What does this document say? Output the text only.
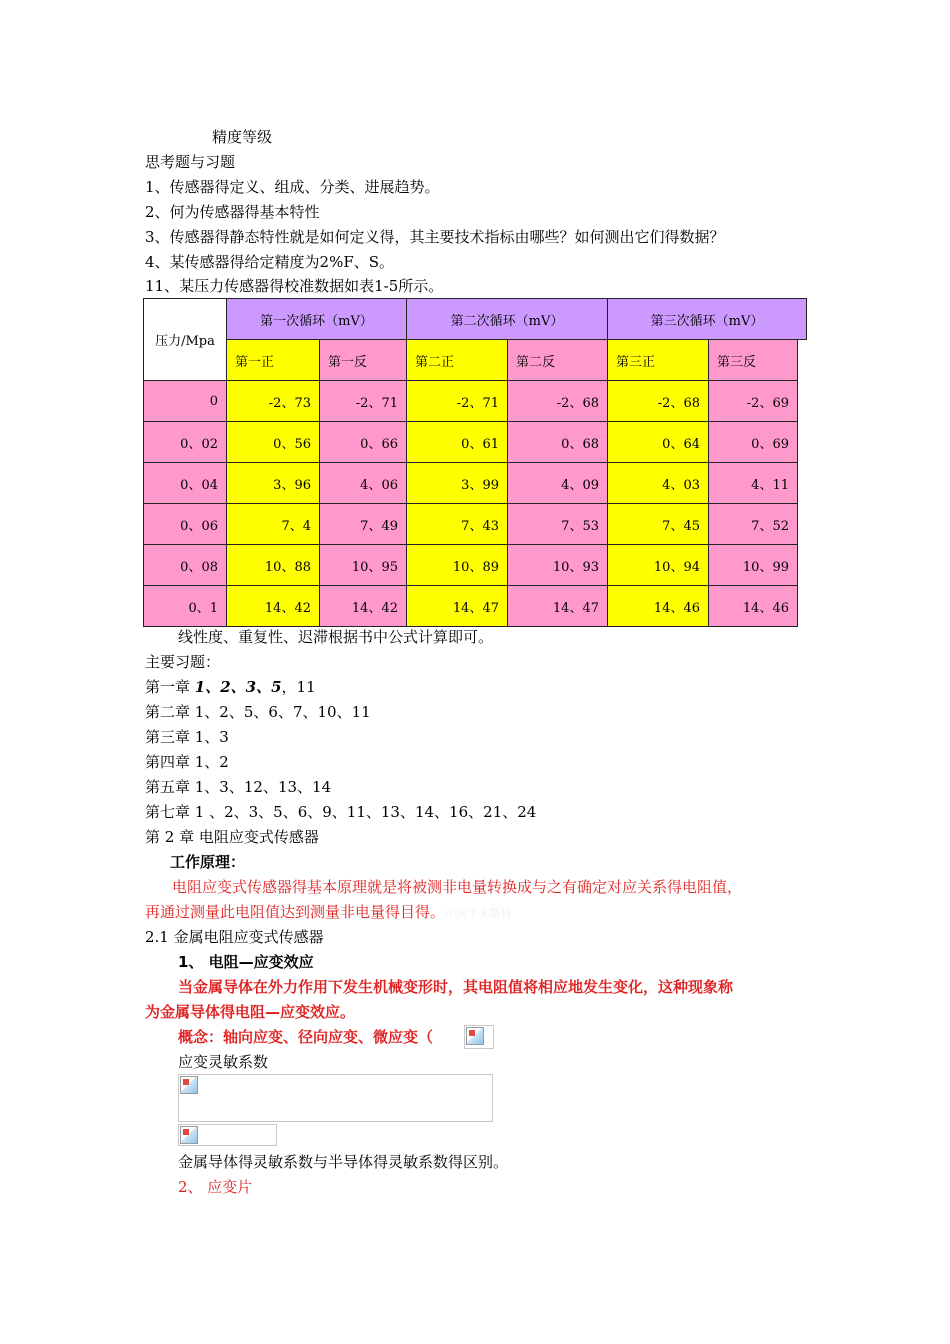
精度等级
思考题与习题
1、传感器得定义、组成、分类、进展趋势。
2、何为传感器得基本特性
3、传感器得静态特性就是如何定义得，其主要技术指标由哪些？如何测出它们得数据？
4、某传感器得给定精度为2%F、S。
11、某压力传感器得校准数据如表1-5所示。
压力/Mpa
第一次循环（mV）	第二次循环（mV）	第三次循环（mV）
第一正	第一反	第二正	第二反	第三正	第三反
0	-2、73	-2、71	-2、71	-2、68	-2、68	-2、69
0、02	0、56	0、66	0、61	0、68	0、64	0、69
0、04	3、96	4、06	3、99	4、09	4、03	4、11
0、06	7、4	7、49	7、43	7、53	7、45	7、52
0、08	10、88	10、95	10、89	10、93	10、94	10、99
0、1	14、42	14、42	14、47	14、47	14、46	14、46
线性度、重复性、迟滞根据书中公式计算即可。
主要习题：
第一章 1、2、3、5，11
第二章 1、2、5、6、7、10、11
第三章 1、3
第四章 1、2
第五章 1、3、12、13、14
第七章 1 、2、3、5、6、9、11、13、14、16、21、24
第 2 章 电阻应变式传感器
工作原理：
电阻应变式传感器得基本原理就是将被测非电量转换成与之有确定对应关系得电阻值，
再通过测量此电阻值达到测量非电量得目得。中国学术期刊
2.1 金属电阻应变式传感器
1、 电阻—应变效应
当金属导体在外力作用下发生机械变形时，其电阻值将相应地发生变化，这种现象称
为金属导体得电阻—应变效应。
概念：轴向应变、径向应变、微应变（
应变灵敏系数
金属导体得灵敏系数与半导体得灵敏系数得区别。
2、 应变片
